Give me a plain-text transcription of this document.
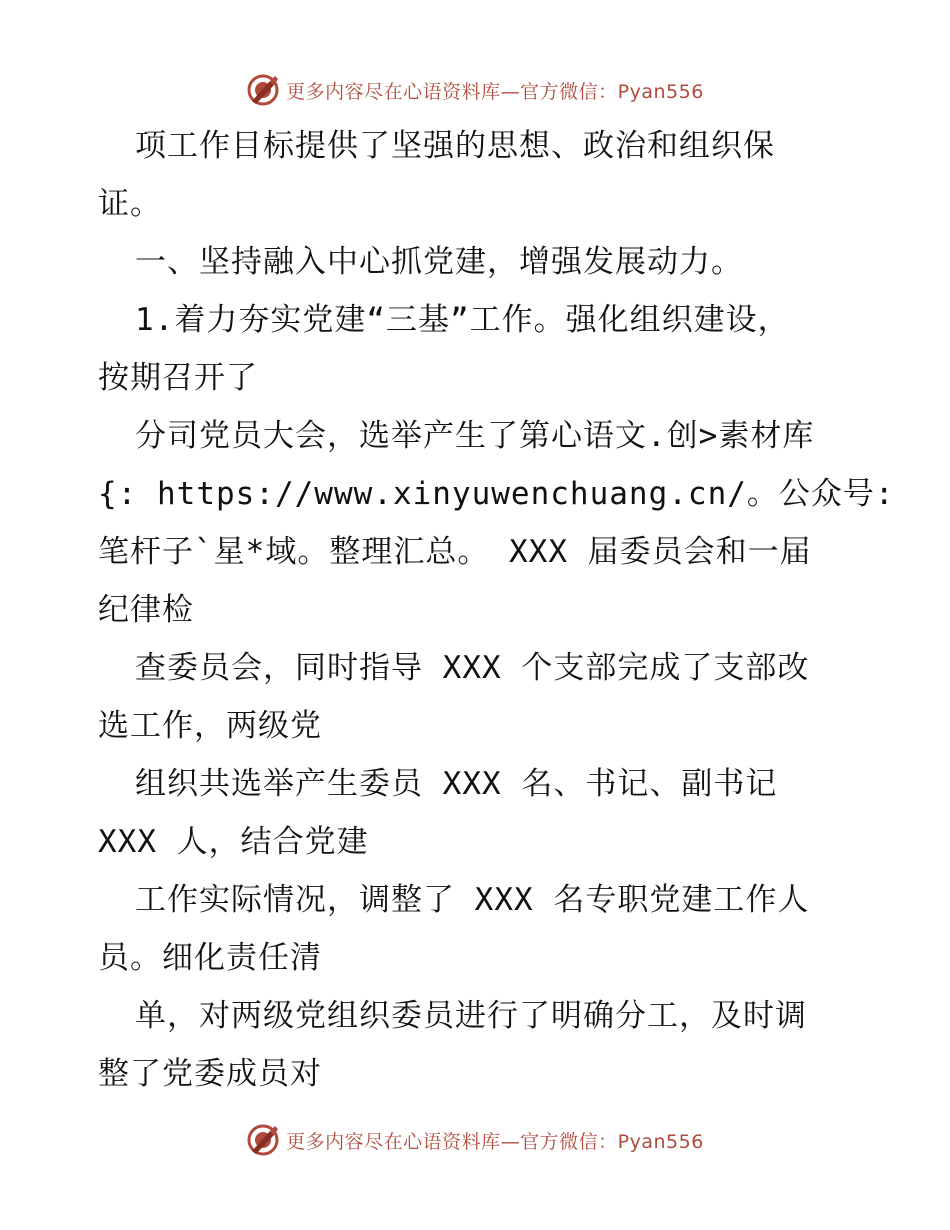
更多内容尽在心语资料库—官方微信：Pyan556
项工作目标提供了坚强的思想、政治和组织保
证。
一、坚持融入中心抓党建，增强发展动力。
1.着力夯实党建“三基”工作。强化组织建设，
按期召开了
分司党员大会，选举产生了第心语文.创>素材库
{: https://www.xinyuwenchuang.cn/。公众号:
笔杆子`星*域。整理汇总。 XXX 届委员会和一届
纪律检
查委员会，同时指导 XXX 个支部完成了支部改
选工作，两级党
组织共选举产生委员 XXX 名、书记、副书记
XXX 人，结合党建
工作实际情况，调整了 XXX 名专职党建工作人
员。细化责任清
单，对两级党组织委员进行了明确分工，及时调
整了党委成员对
更多内容尽在心语资料库—官方微信：Pyan556
